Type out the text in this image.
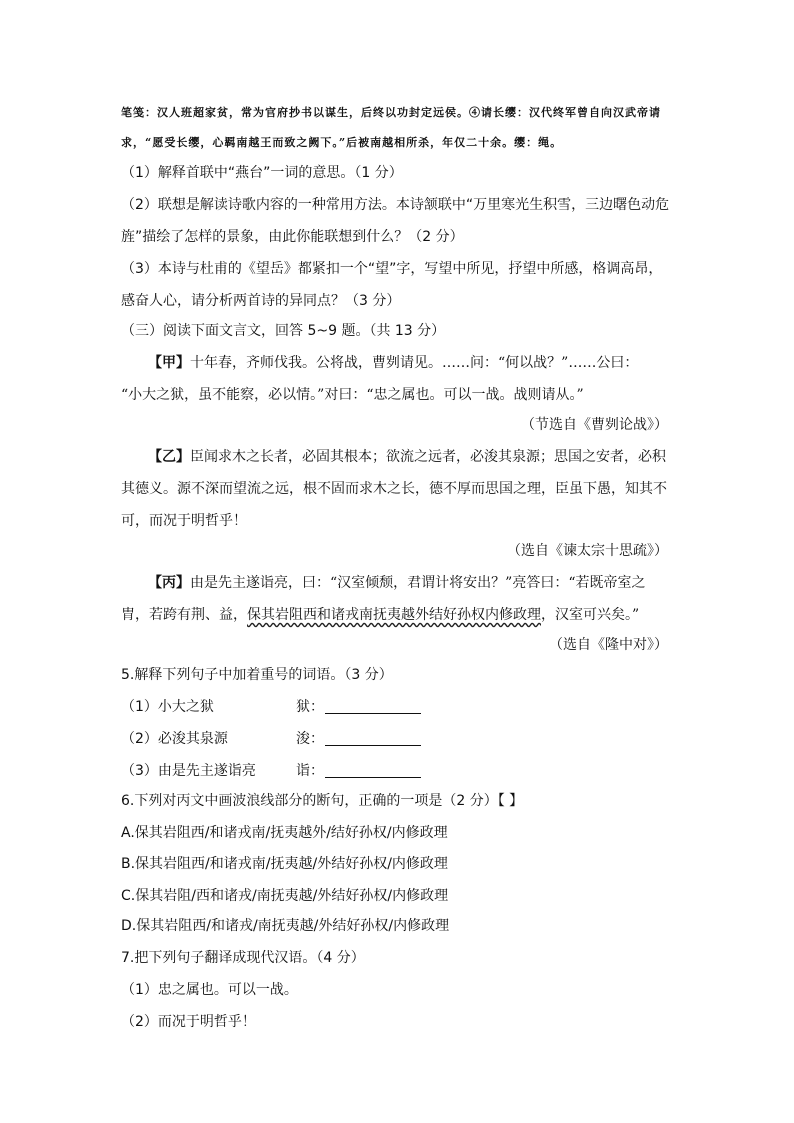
笔笺：汉人班超家贫，常为官府抄书以谋生，后终以功封定远侯。④请长缨：汉代终军曾自向汉武帝请
求，“愿受长缨，心羁南越王而致之阙下。”后被南越相所杀，年仅二十余。缨：绳。
（1）解释首联中“燕台”一词的意思。（1 分）
（2）联想是解读诗歌内容的一种常用方法。本诗颔联中“万里寒光生积雪，三边曙色动危
旌”描绘了怎样的景象，由此你能联想到什么？（2 分）
（3）本诗与杜甫的《望岳》都紧扣一个“望”字，写望中所见，抒望中所感，格调高昂，
感奋人心，请分析两首诗的异同点？（3 分）
（三）阅读下面文言文，回答 5~9 题。（共 13 分）
【甲】十年春，齐师伐我。公将战，曹刿请见。……问：“何以战？”……公曰：
“小大之狱，虽不能察，必以情。”对曰：“忠之属也。可以一战。战则请从。”
（节选自《曹刿论战》）
【乙】臣闻求木之长者，必固其根本；欲流之远者，必浚其泉源；思国之安者，必积
其德义。源不深而望流之远，根不固而求木之长，德不厚而思国之理，臣虽下愚，知其不
可，而况于明哲乎！
（选自《谏太宗十思疏》）
【丙】由是先主遂诣亮，曰：“汉室倾颓，君谓计将安出？”亮答曰：“若既帝室之
胄，若跨有荆、益，保其岩阻西和诸戎南抚夷越外结好孙权内修政理，汉室可兴矣。”
（选自《隆中对》）
5.解释下列句子中加着重号的词语。（3 分）
（1）小大之狱	狱：
（2）必浚其泉源	浚：
（3）由是先主遂诣亮	诣：
6.下列对丙文中画波浪线部分的断句，正确的一项是（2 分）【 】
A.保其岩阻西/和诸戎南/抚夷越外/结好孙权/内修政理
B.保其岩阻西/和诸戎南/抚夷越/外结好孙权/内修政理
C.保其岩阻/西和诸戎/南抚夷越/外结好孙权/内修政理
D.保其岩阻西/和诸戎/南抚夷越/外结好孙权/内修政理
7.把下列句子翻译成现代汉语。（4 分）
（1）忠之属也。可以一战。
（2）而况于明哲乎！
